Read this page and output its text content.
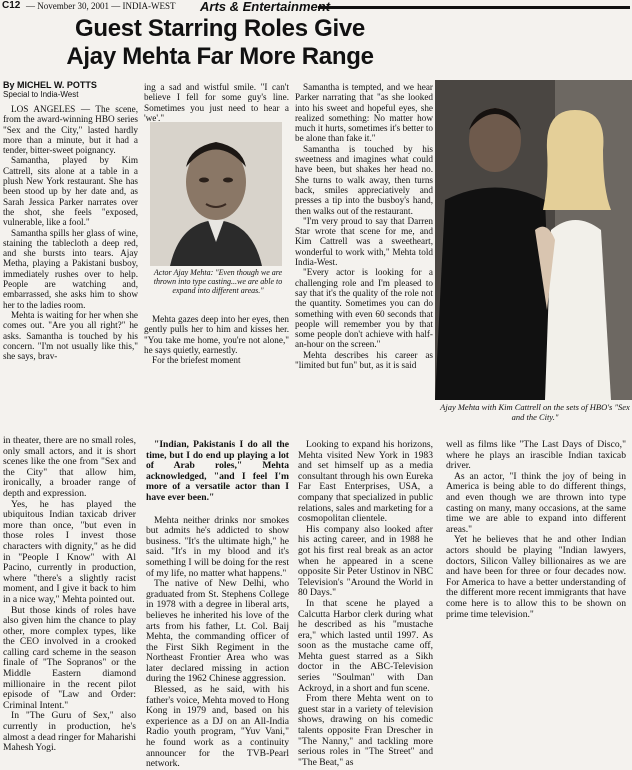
C12 — November 30, 2001 — INDIA-WEST Arts & Entertainment
Guest Starring Roles Give
Ajay Mehta Far More Range
By MICHEL W. POTTS
Special to India-West

LOS ANGELES — The scene, from the award-winning HBO series "Sex and the City," lasted hardly more than a minute, but it had a tender, bitter-sweet poignancy.

Samantha, played by Kim Cattrell, sits alone at a table in a plush New York restaurant. She has been stood up by her date and, as Sarah Jessica Parker narrates over the shot, she feels "exposed, vulnerable, like a fool."

Samantha spills her glass of wine, staining the tablecloth a deep red, and she bursts into tears. Ajay Metha, playing a Pakistani busboy, immediately rushes over to help. People are watching and, embarrassed, she asks him to show her to the ladies room.

Mehta is waiting for her when she comes out. "Are you all right?" he asks. Samantha is touched by his concern. "I'm not usually like this," she says, brav-

ing a sad and wistful smile. "I can't believe I fell for some guy's line. Sometimes you just need to hear a 'we'."

Actor Ajay Mehta: "Even though we are thrown into type casting...we are able to expand into different areas."

Mehta gazes deep into her eyes, then gently pulls her to him and kisses her. "You take me home, you're not alone," he says quietly, earnestly.

For the briefest moment

Samantha is tempted, and we hear Parker narrating that "as she looked into his sweet and hopeful eyes, she realized something: No matter how much it hurts, sometimes it's better to be alone than fake it."

Samantha is touched by his sweetness and imagines what could have been, but shakes her head no. She turns to walk away, then turns back, smiles appreciatively and presses a tip into the busboy's hand, then walks out of the restaurant.

"I'm very proud to say that Darren Star wrote that scene for me, and Kim Cattrell was a sweetheart, wonderful to work with," Mehta told India-West.

"Every actor is looking for a challenging role and I'm pleased to say that it's the quality of the role not the quantity. Sometimes you can do something with even 60 seconds that people will remember you by that some people don't achieve with half-an-hour on the screen."

Mehta describes his career as "limited but fun" but, as it is said

Ajay Mehta with Kim Cattrell on the sets of HBO's "Sex and the City."

in theater, there are no small roles, only small actors, and it is short scenes like the one from "Sex and the City" that allow him, ironically, a broader range of depth and expression.

Yes, he has played the ubiquitous Indian taxicab driver more than once, "but even in those roles I invest those characters with dignity," as he did in "People I Know" with Al Pacino, currently in production, where "there's a slightly racist moment, and I give it back to him in a nice way," Mehta pointed out.

But those kinds of roles have also given him the chance to play other, more complex types, like the CEO involved in a crooked calling card scheme in the season finale of "The Sopranos" or the Middle Eastern diamond millionaire in the recent pilot episode of "Law and Order: Criminal Intent."

In "The Guru of Sex," also currently in production, he's almost a dead ringer for Maharishi Mahesh Yogi.

"Indian, Pakistanis I do all the time, but I do end up playing a lot of Arab roles," Mehta acknowledged, "and I feel I'm more of a versatile actor than I have ever been."

Mehta neither drinks nor smokes but admits he's addicted to show business. "It's the ultimate high," he said. "It's in my blood and it's something I will be doing for the rest of my life, no matter what happens."

The native of New Delhi, who graduated from St. Stephens College in 1978 with a degree in liberal arts, believes he inherited his love of the arts from his father, Lt. Col. Baij Mehta, the commanding officer of the First Sikh Regiment in the Northeast Frontier Area who was later declared missing in action during the 1962 Chinese aggression.

Blessed, as he said, with his father's voice, Mehta moved to Hong Kong in 1979 and, based on his experience as a DJ on an All-India Radio youth program, "Yuv Vani," he found work as a continuity announcer for the TVB-Pearl network.

Looking to expand his horizons, Mehta visited New York in 1983 and set himself up as a media consultant through his own Eureka Far East Enterprises, USA, a company that specialized in public relations, sales and marketing for a cosmopolitan clientele.

His company also looked after his acting career, and in 1988 he got his first real break as an actor when he appeared in a scene opposite Sir Peter Ustinov in NBC Television's "Around the World in 80 Days."

In that scene he played a Calcutta Harbor clerk during what he described as his "mustache era," which lasted until 1997. As soon as the mustache came off, Mehta guest starred as a Sikh doctor in the ABC-Television series "Soulman" with Dan Ackroyd, in a short and fun scene.

From there Mehta went on to guest star in a variety of television shows, drawing on his comedic talents opposite Fran Drescher in "The Nanny," and tackling more serious roles in "The Street" and "The Beat," as

well as films like "The Last Days of Disco," where he plays an irascible Indian taxicab driver.

As an actor, "I think the joy of being in America is being able to do different things, and even though we are thrown into type casting on many, many occasions, at the same time we are able to expand into different areas."

Yet he believes that he and other Indian actors should be playing "Indian lawyers, doctors, Silicon Valley billionaires as we are and have been for three or four decades now. For America to have a better understanding of the different more recent immigrants that have come here is to allow this to be shown on prime time television."
